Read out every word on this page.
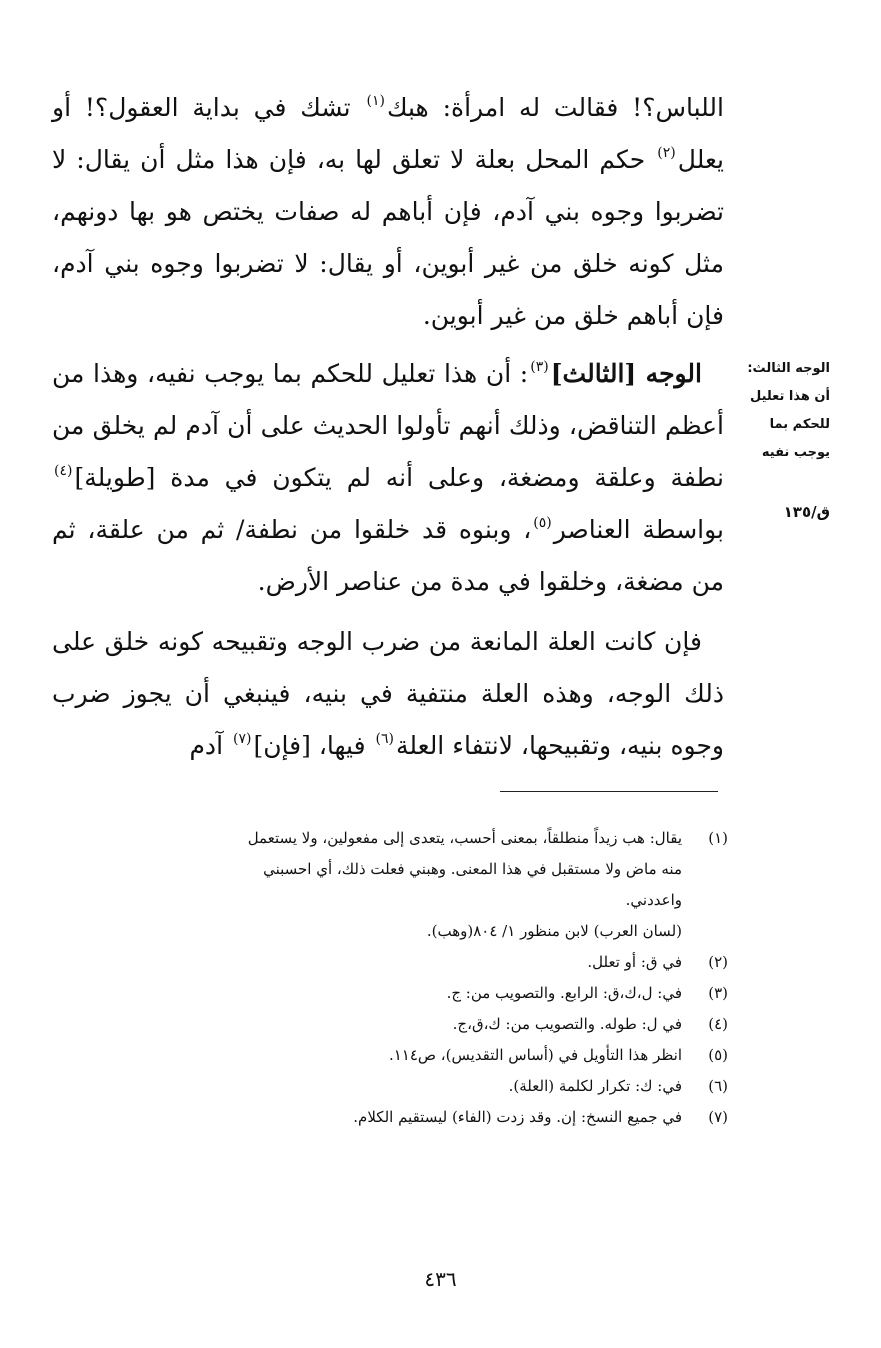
اللباس؟! فقالت له امرأة: هبك$^{(١)}$ تشك في بداية العقول؟! أو يعلل$^{(٢)}$ حكم المحل بعلة لا تعلق لها به، فإن هذا مثل أن يقال: لا تضربوا وجوه بني آدم، فإن أباهم له صفات يختص هو بها دونهم، مثل كونه خلق من غير أبوين، أو يقال: لا تضربوا وجوه بني آدم، فإن أباهم خلق من غير أبوين.

الوجه [الثالث]$^{(٣)}$: أن هذا تعليل للحكم بما يوجب نفيه، وهذا من أعظم التناقض، وذلك أنهم تأولوا الحديث على أن آدم لم يخلق من نطفة وعلقة ومضغة، وعلى أنه لم يتكون في مدة [طويلة]$^{(٤)}$ بواسطة العناصر$^{(٥)}$، وبنوه قد خلقوا من نطفة/ ثم من علقة، ثم من مضغة، وخلقوا في مدة من عناصر الأرض.

فإن كانت العلة المانعة من ضرب الوجه وتقبيحه كونه خلق على ذلك الوجه، وهذه العلة منتفية في بنيه، فينبغي أن يجوز ضرب وجوه بنيه، وتقبيحها، لانتفاء العلة$^{(٦)}$ فيها، [فإن]$^{(٧)}$ آدم

الوجه الثالث:
أن هذا تعليل
للحكم بما
يوجب نفيه
ق/١٣٥
(١)
يقال: هب زيداً منطلقاً، بمعنى أحسب، يتعدى إلى مفعولين، ولا يستعمل
منه ماض ولا مستقبل في هذا المعنى. وهبني فعلت ذلك، أي احسبني
واعددني.
(لسان العرب) لابن منظور ١/ ٨٠٤(وهب).
(٢)
في ق: أو تعلل.
(٣)
في: ل،ك،ق: الرابع. والتصويب من: ج.
(٤)
في ل: طوله. والتصويب من: ك،ق،ج.
(٥)
انظر هذا التأويل في (أساس التقديس)، ص١١٤.
(٦)
في: ك: تكرار لكلمة (العلة).
(٧)
في جميع النسخ: إن. وقد زدت (الفاء) ليستقيم الكلام.
٤٣٦
